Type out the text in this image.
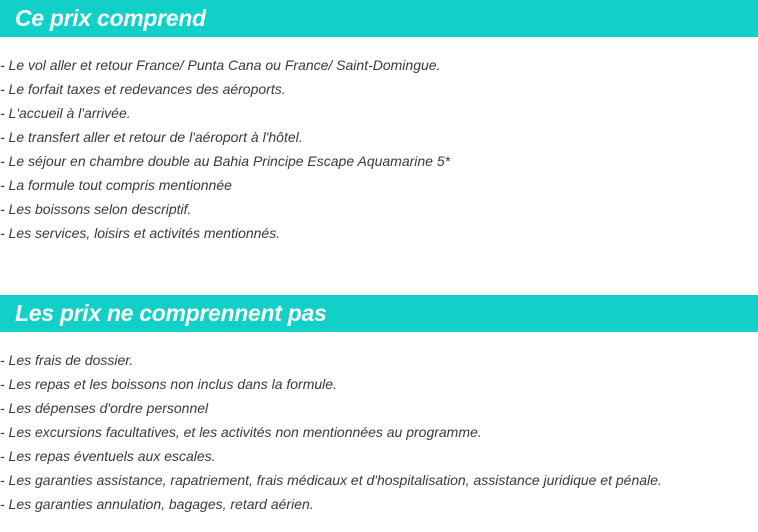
Ce prix comprend
- Le vol aller et retour France/ Punta Cana ou France/ Saint-Domingue.
- Le forfait taxes et redevances des aéroports.
- L'accueil à l'arrivée.
- Le transfert aller et retour de l'aéroport à l'hôtel.
- Le séjour en chambre double au Bahia Principe Escape Aquamarine 5*
- La formule tout compris mentionnée
- Les boissons selon descriptif.
- Les services, loisirs et activités mentionnés.
Les prix ne comprennent pas
- Les frais de dossier.
- Les repas et les boissons non inclus dans la formule.
- Les dépenses d'ordre personnel
- Les excursions facultatives, et les activités non mentionnées au programme.
- Les repas éventuels aux escales.
- Les garanties assistance, rapatriement, frais médicaux et d'hospitalisation, assistance juridique et pénale.
- Les garanties annulation, bagages, retard aérien.
